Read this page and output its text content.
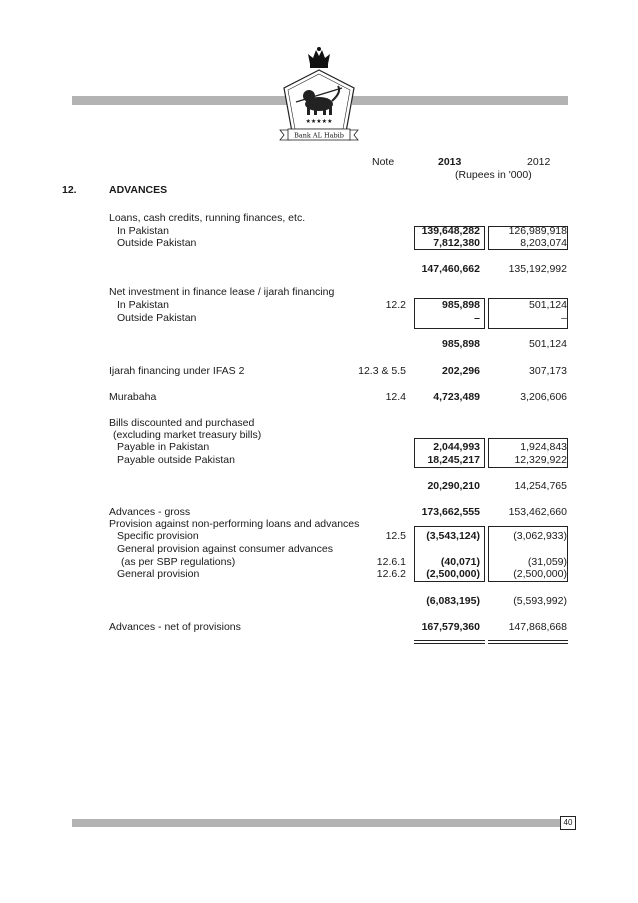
★★★★★
Bank AL Habib
Note	2013	2012
(Rupees in '000)
12.	ADVANCES
Loans, cash credits, running finances, etc.
In Pakistan	139,648,282	126,989,918
Outside Pakistan	7,812,380	8,203,074
147,460,662	135,192,992
Net investment in finance lease / ijarah financing
In Pakistan	12.2	985,898	501,124
Outside Pakistan	–	–
985,898	501,124
Ijarah financing under IFAS 2	12.3 & 5.5	202,296	307,173
Murabaha	12.4	4,723,489	3,206,606
Bills discounted and purchased
(excluding market treasury bills)
Payable in Pakistan	2,044,993	1,924,843
Payable outside Pakistan	18,245,217	12,329,922
20,290,210	14,254,765
Advances - gross	173,662,555	153,462,660
Provision against non-performing loans and advances
Specific provision	12.5	(3,543,124)	(3,062,933)
General provision against consumer advances
(as per SBP regulations)	12.6.1	(40,071)	(31,059)
General provision	12.6.2	(2,500,000)	(2,500,000)
(6,083,195)	(5,593,992)
Advances - net of provisions	167,579,360	147,868,668
40
